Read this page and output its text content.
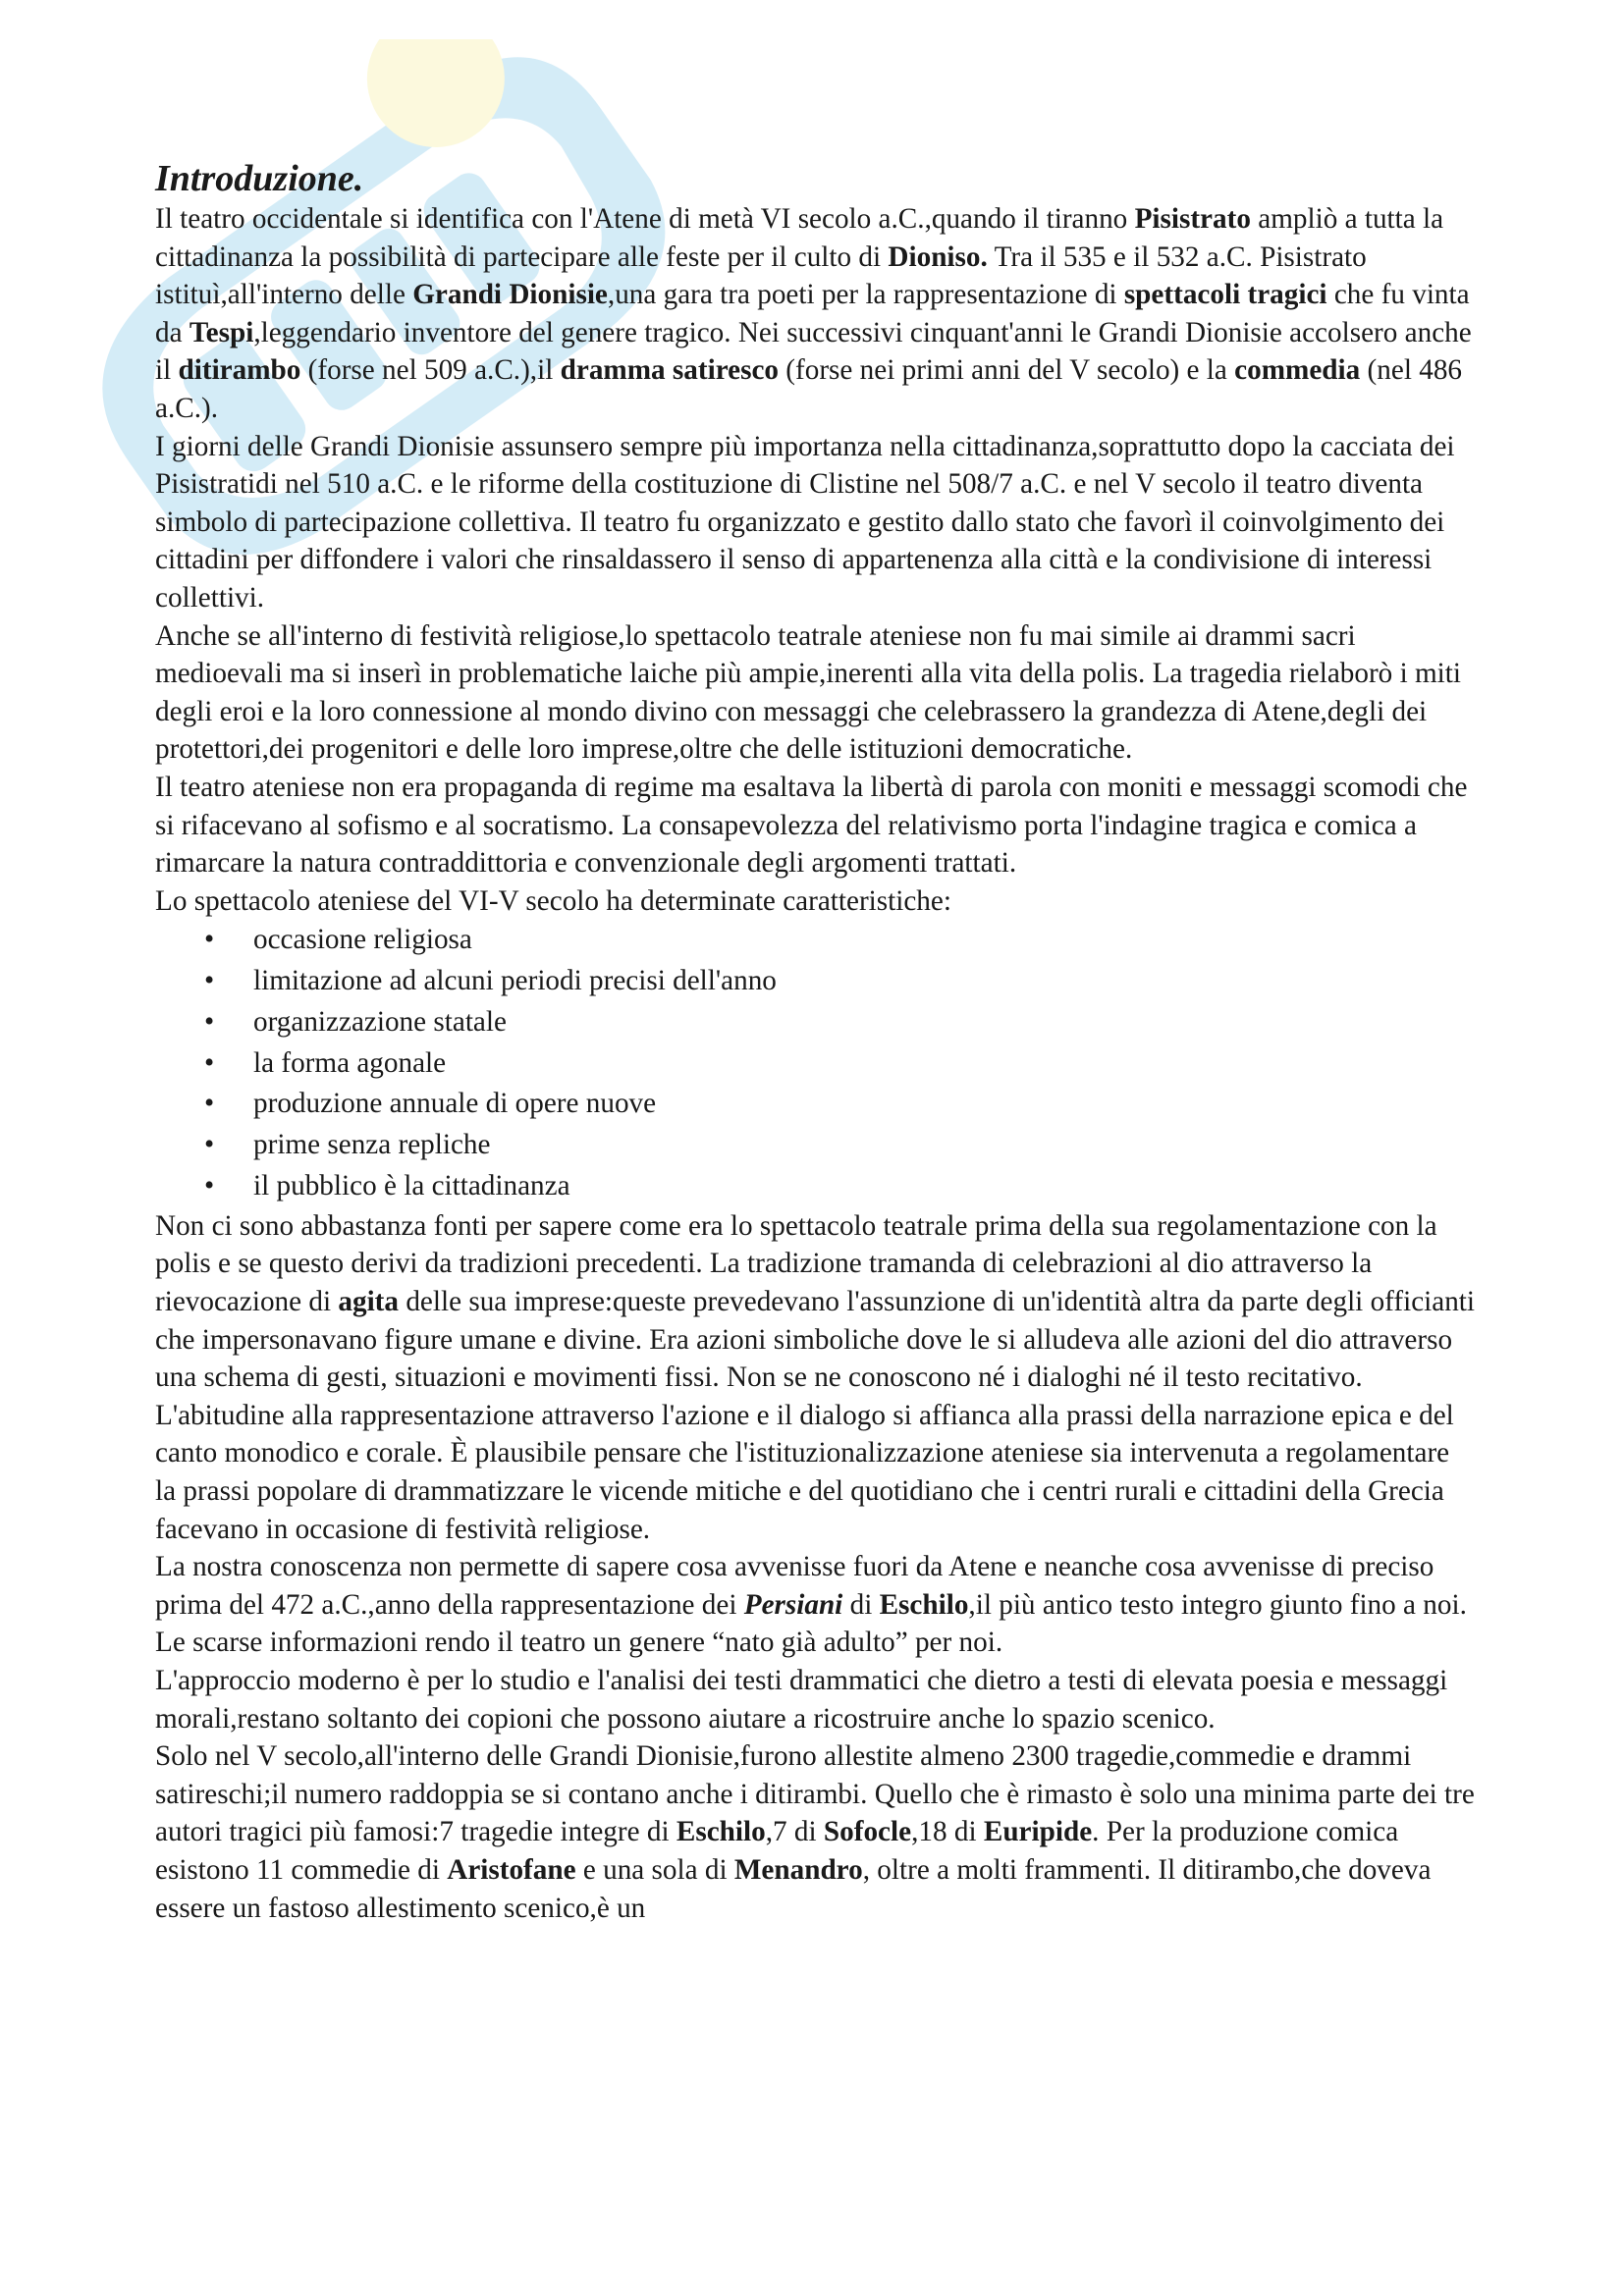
Introduzione.

Il teatro occidentale si identifica con l'Atene di metà VI secolo a.C.,quando il tiranno Pisistrato ampliò a tutta la cittadinanza la possibilità di partecipare alle feste per il culto di Dioniso. Tra il 535 e il 532 a.C. Pisistrato istituì,all'interno delle Grandi Dionisie,una gara tra poeti per la rappresentazione di spettacoli tragici che fu vinta da Tespi,leggendario inventore del genere tragico. Nei successivi cinquant'anni le Grandi Dionisie accolsero anche il ditirambo (forse nel 509 a.C.),il dramma satiresco (forse nei primi anni del V secolo) e la commedia (nel 486 a.C.).

I giorni delle Grandi Dionisie assunsero sempre più importanza nella cittadinanza,soprattutto dopo la cacciata dei Pisistratidi nel 510 a.C. e le riforme della costituzione di Clistine nel 508/7 a.C. e nel V secolo il teatro diventa simbolo di partecipazione collettiva. Il teatro fu organizzato e gestito dallo stato che favorì il coinvolgimento dei cittadini per diffondere i valori che rinsaldassero il senso di appartenenza alla città e la condivisione di interessi collettivi.

Anche se all'interno di festività religiose,lo spettacolo teatrale ateniese non fu mai simile ai drammi sacri medioevali ma si inserì in problematiche laiche più ampie,inerenti alla vita della polis. La tragedia rielaborò i miti degli eroi e la loro connessione al mondo divino con messaggi che celebrassero la grandezza di Atene,degli dei protettori,dei progenitori e delle loro imprese,oltre che delle istituzioni democratiche.

Il teatro ateniese non era propaganda di regime ma esaltava la libertà di parola con moniti e messaggi scomodi che si rifacevano al sofismo e al socratismo. La consapevolezza del relativismo porta l'indagine tragica e comica a rimarcare la natura contraddittoria e convenzionale degli argomenti trattati.

Lo spettacolo ateniese del VI-V secolo ha determinate caratteristiche:

• occasione religiosa
• limitazione ad alcuni periodi precisi dell'anno
• organizzazione statale
• la forma agonale
• produzione annuale di opere nuove
• prime senza repliche
• il pubblico è la cittadinanza

Non ci sono abbastanza fonti per sapere come era lo spettacolo teatrale prima della sua regolamentazione con la polis e se questo derivi da tradizioni precedenti. La tradizione tramanda di celebrazioni al dio attraverso la rievocazione di agita delle sua imprese:queste prevedevano l'assunzione di un'identità altra da parte degli officianti che impersonavano figure umane e divine. Era azioni simboliche dove le si alludeva alle azioni del dio attraverso una schema di gesti, situazioni e movimenti fissi. Non se ne conoscono né i dialoghi né il testo recitativo.

L'abitudine alla rappresentazione attraverso l'azione e il dialogo si affianca alla prassi della narrazione epica e del canto monodico e corale. È plausibile pensare che l'istituzionalizzazione ateniese sia intervenuta a regolamentare la prassi popolare di drammatizzare le vicende mitiche e del quotidiano che i centri rurali e cittadini della Grecia facevano in occasione di festività religiose.

La nostra conoscenza non permette di sapere cosa avvenisse fuori da Atene e neanche cosa avvenisse di preciso prima del 472 a.C.,anno della rappresentazione dei Persiani di Eschilo,il più antico testo integro giunto fino a noi. Le scarse informazioni rendo il teatro un genere “nato già adulto” per noi.

L'approccio moderno è per lo studio e l'analisi dei testi drammatici che dietro a testi di elevata poesia e messaggi morali,restano soltanto dei copioni che possono aiutare a ricostruire anche lo spazio scenico.

Solo nel V secolo,all'interno delle Grandi Dionisie,furono allestite almeno 2300 tragedie,commedie e drammi satireschi;il numero raddoppia se si contano anche i ditirambi. Quello che è rimasto è solo una minima parte dei tre autori tragici più famosi:7 tragedie integre di Eschilo,7 di Sofocle,18 di Euripide. Per la produzione comica esistono 11 commedie di Aristofane e una sola di Menandro, oltre a molti frammenti. Il ditirambo,che doveva essere un fastoso allestimento scenico,è un
